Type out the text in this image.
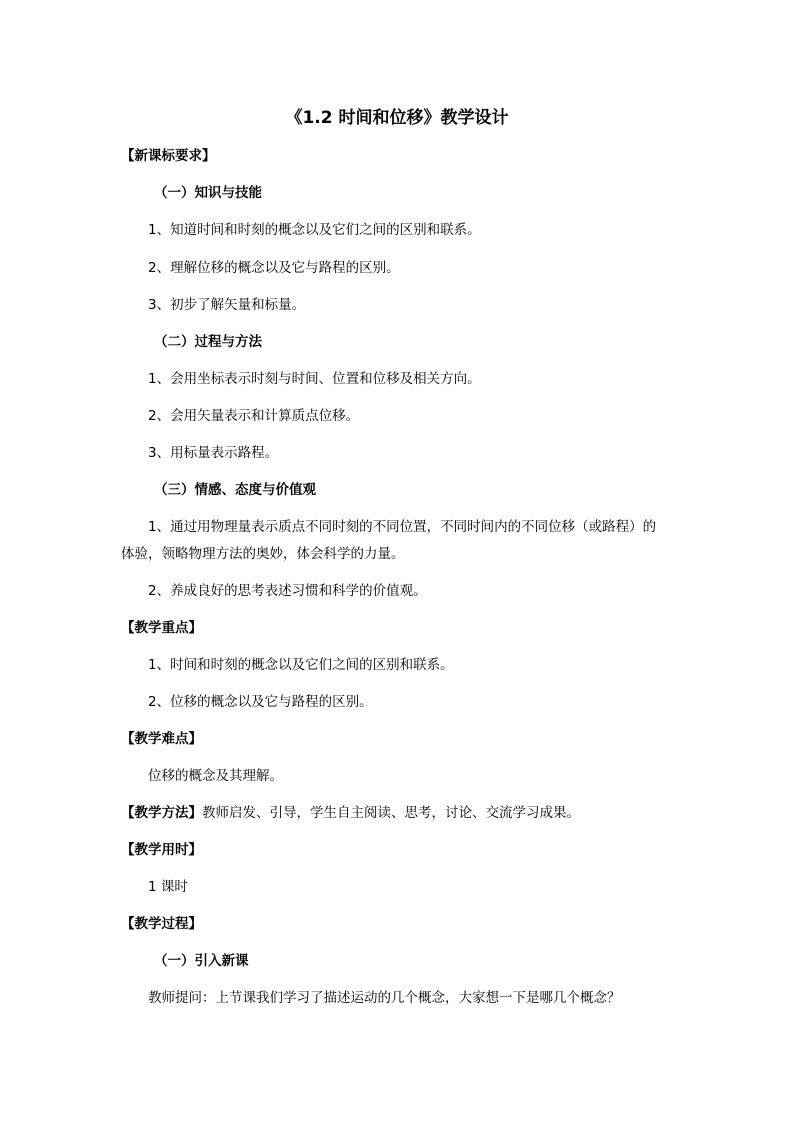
《1.2 时间和位移》教学设计
【新课标要求】
（一）知识与技能
1、知道时间和时刻的概念以及它们之间的区别和联系。
2、理解位移的概念以及它与路程的区别。
3、初步了解矢量和标量。
（二）过程与方法
1、会用坐标表示时刻与时间、位置和位移及相关方向。
2、会用矢量表示和计算质点位移。
3、用标量表示路程。
（三）情感、态度与价值观
1、通过用物理量表示质点不同时刻的不同位置，不同时间内的不同位移（或路程）的
体验，领略物理方法的奥妙，体会科学的力量。
2、养成良好的思考表述习惯和科学的价值观。
【教学重点】
1、时间和时刻的概念以及它们之间的区别和联系。
2、位移的概念以及它与路程的区别。
【教学难点】
位移的概念及其理解。
【教学方法】教师启发、引导，学生自主阅读、思考，讨论、交流学习成果。
【教学用时】
1 课时
【教学过程】
（一）引入新课
教师提问：上节课我们学习了描述运动的几个概念，大家想一下是哪几个概念？
